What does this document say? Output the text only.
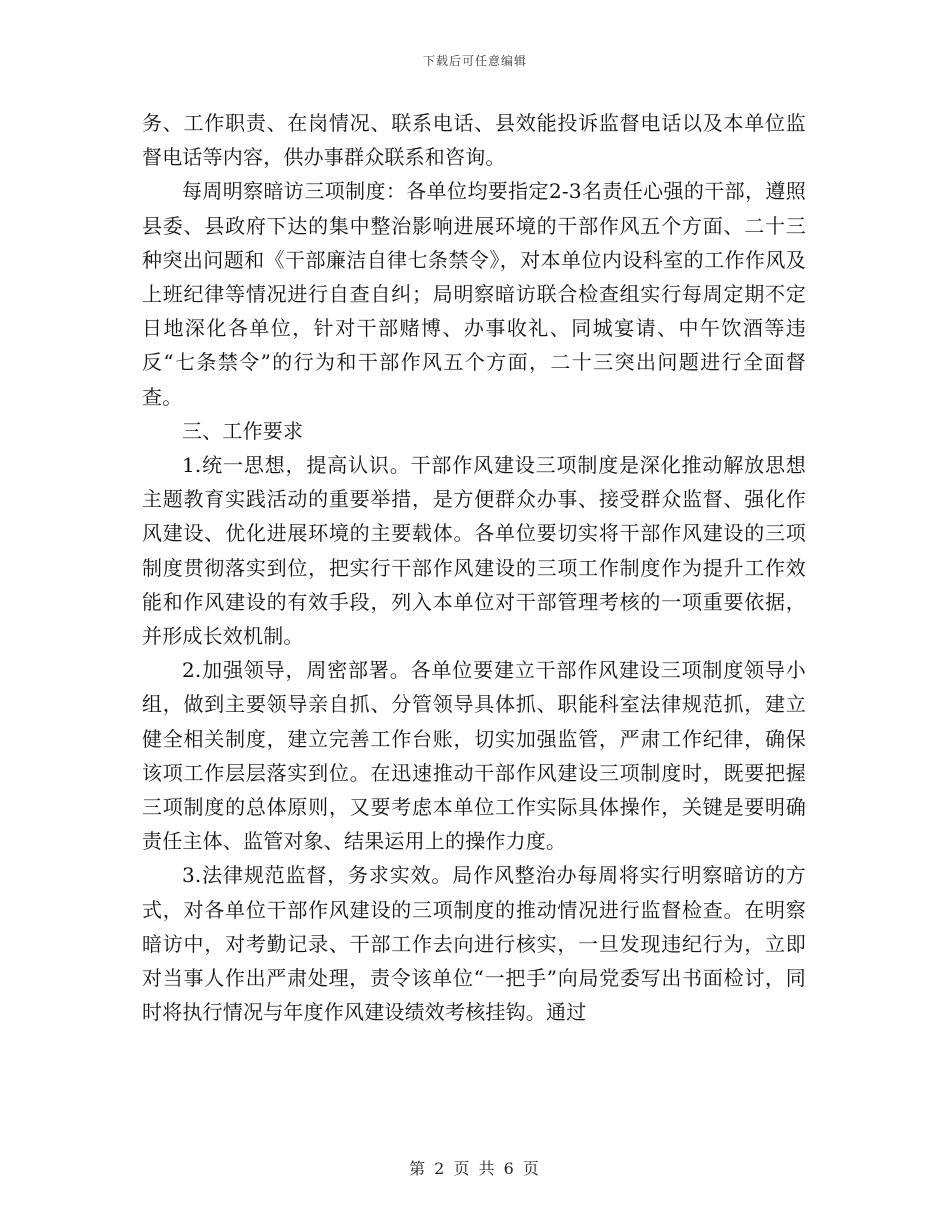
下载后可任意编辑

务、工作职责、在岗情况、联系电话、县效能投诉监督电话以及本单位监督电话等内容，供办事群众联系和咨询。

每周明察暗访三项制度：各单位均要指定2-3名责任心强的干部，遵照县委、县政府下达的集中整治影响进展环境的干部作风五个方面、二十三种突出问题和《干部廉洁自律七条禁令》，对本单位内设科室的工作作风及上班纪律等情况进行自查自纠；局明察暗访联合检查组实行每周定期不定日地深化各单位，针对干部赌博、办事收礼、同城宴请、中午饮酒等违反“七条禁令”的行为和干部作风五个方面，二十三突出问题进行全面督查。

三、工作要求

1.统一思想，提高认识。干部作风建设三项制度是深化推动解放思想主题教育实践活动的重要举措，是方便群众办事、接受群众监督、强化作风建设、优化进展环境的主要载体。各单位要切实将干部作风建设的三项制度贯彻落实到位，把实行干部作风建设的三项工作制度作为提升工作效能和作风建设的有效手段，列入本单位对干部管理考核的一项重要依据，并形成长效机制。

2.加强领导，周密部署。各单位要建立干部作风建设三项制度领导小组，做到主要领导亲自抓、分管领导具体抓、职能科室法律规范抓，建立健全相关制度，建立完善工作台账，切实加强监管，严肃工作纪律，确保该项工作层层落实到位。在迅速推动干部作风建设三项制度时，既要把握三项制度的总体原则，又要考虑本单位工作实际具体操作，关键是要明确责任主体、监管对象、结果运用上的操作力度。

3.法律规范监督，务求实效。局作风整治办每周将实行明察暗访的方式，对各单位干部作风建设的三项制度的推动情况进行监督检查。在明察暗访中，对考勤记录、干部工作去向进行核实，一旦发现违纪行为，立即对当事人作出严肃处理，责令该单位“一把手”向局党委写出书面检讨，同时将执行情况与年度作风建设绩效考核挂钩。通过

第 2 页 共 6 页
